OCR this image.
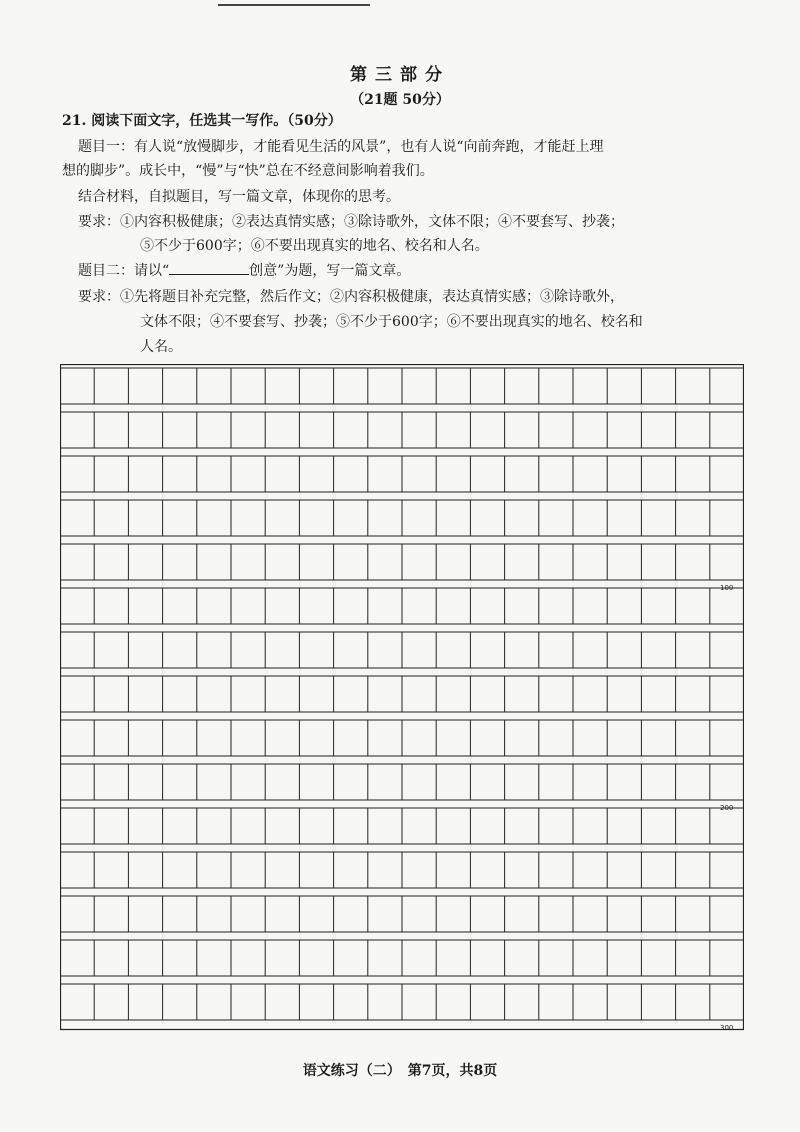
第三部分
（21题 50分）
21. 阅读下面文字，任选其一写作。（50分）
题目一：有人说“放慢脚步，才能看见生活的风景”，也有人说“向前奔跑，才能赶上理
想的脚步”。成长中，“慢”与“快”总在不经意间影响着我们。
结合材料，自拟题目，写一篇文章，体现你的思考。
要求：①内容积极健康；②表达真情实感；③除诗歌外，文体不限；④不要套写、抄袭；
⑤不少于600字；⑥不要出现真实的地名、校名和人名。
题目二：请以“	创意”为题，写一篇文章。
要求：①先将题目补充完整，然后作文；②内容积极健康，表达真情实感；③除诗歌外，
文体不限；④不要套写、抄袭；⑤不少于600字；⑥不要出现真实的地名、校名和
人名。
100
200
300
语文练习（二）　第7页，共8页
